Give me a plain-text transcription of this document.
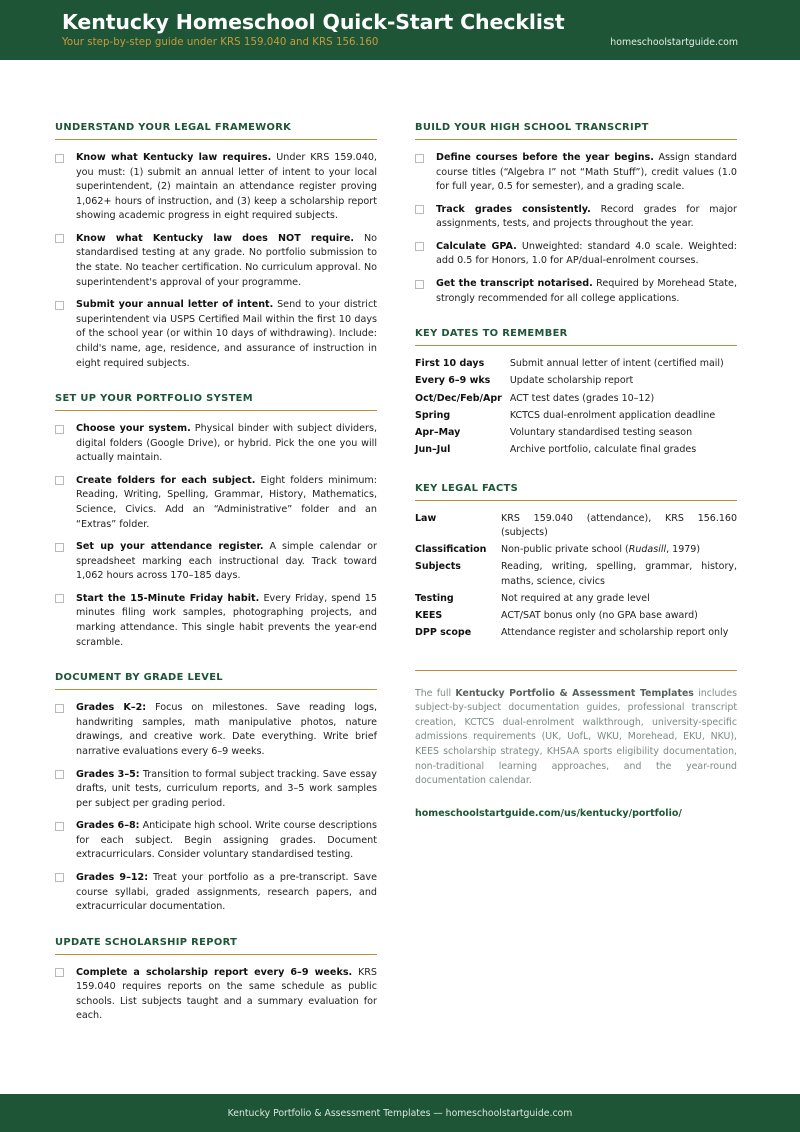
Kentucky Homeschool Quick-Start Checklist
Your step-by-step guide under KRS 159.040 and KRS 156.160	homeschoolstartguide.com
UNDERSTAND YOUR LEGAL FRAMEWORK
Know what Kentucky law requires. Under KRS 159.040, you must: (1) submit an annual letter of intent to your local superintendent, (2) maintain an attendance register proving 1,062+ hours of instruction, and (3) keep a scholarship report showing academic progress in eight required subjects.
Know what Kentucky law does NOT require. No standardised testing at any grade. No portfolio submission to the state. No teacher certification. No curriculum approval. No superintendent's approval of your programme.
Submit your annual letter of intent. Send to your district superintendent via USPS Certified Mail within the first 10 days of the school year (or within 10 days of withdrawing). Include: child's name, age, residence, and assurance of instruction in eight required subjects.
SET UP YOUR PORTFOLIO SYSTEM
Choose your system. Physical binder with subject dividers, digital folders (Google Drive), or hybrid. Pick the one you will actually maintain.
Create folders for each subject. Eight folders minimum: Reading, Writing, Spelling, Grammar, History, Mathematics, Science, Civics. Add an “Administrative” folder and an “Extras” folder.
Set up your attendance register. A simple calendar or spreadsheet marking each instructional day. Track toward 1,062 hours across 170–185 days.
Start the 15-Minute Friday habit. Every Friday, spend 15 minutes filing work samples, photographing projects, and marking attendance. This single habit prevents the year-end scramble.
DOCUMENT BY GRADE LEVEL
Grades K–2: Focus on milestones. Save reading logs, handwriting samples, math manipulative photos, nature drawings, and creative work. Date everything. Write brief narrative evaluations every 6–9 weeks.
Grades 3–5: Transition to formal subject tracking. Save essay drafts, unit tests, curriculum reports, and 3–5 work samples per subject per grading period.
Grades 6–8: Anticipate high school. Write course descriptions for each subject. Begin assigning grades. Document extracurriculars. Consider voluntary standardised testing.
Grades 9–12: Treat your portfolio as a pre-transcript. Save course syllabi, graded assignments, research papers, and extracurricular documentation.
UPDATE SCHOLARSHIP REPORT
Complete a scholarship report every 6–9 weeks. KRS 159.040 requires reports on the same schedule as public schools. List subjects taught and a summary evaluation for each.
BUILD YOUR HIGH SCHOOL TRANSCRIPT
Define courses before the year begins. Assign standard course titles (“Algebra I” not “Math Stuff”), credit values (1.0 for full year, 0.5 for semester), and a grading scale.
Track grades consistently. Record grades for major assignments, tests, and projects throughout the year.
Calculate GPA. Unweighted: standard 4.0 scale. Weighted: add 0.5 for Honors, 1.0 for AP/dual-enrolment courses.
Get the transcript notarised. Required by Morehead State, strongly recommended for all college applications.
KEY DATES TO REMEMBER
First 10 days	Submit annual letter of intent (certified mail)
Every 6–9 wks	Update scholarship report
Oct/Dec/Feb/Apr	ACT test dates (grades 10–12)
Spring	KCTCS dual-enrolment application deadline
Apr–May	Voluntary standardised testing season
Jun–Jul	Archive portfolio, calculate final grades
KEY LEGAL FACTS
Law	KRS 159.040 (attendance), KRS 156.160 (subjects)
Classification	Non-public private school (Rudasill, 1979)
Subjects	Reading, writing, spelling, grammar, history, maths, science, civics
Testing	Not required at any grade level
KEES	ACT/SAT bonus only (no GPA base award)
DPP scope	Attendance register and scholarship report only

The full Kentucky Portfolio & Assessment Templates includes subject-by-subject documentation guides, professional transcript creation, KCTCS dual-enrolment walkthrough, university-specific admissions requirements (UK, UofL, WKU, Morehead, EKU, NKU), KEES scholarship strategy, KHSAA sports eligibility documentation, non-traditional learning approaches, and the year-round documentation calendar.

homeschoolstartguide.com/us/kentucky/portfolio/
Kentucky Portfolio & Assessment Templates — homeschoolstartguide.com
